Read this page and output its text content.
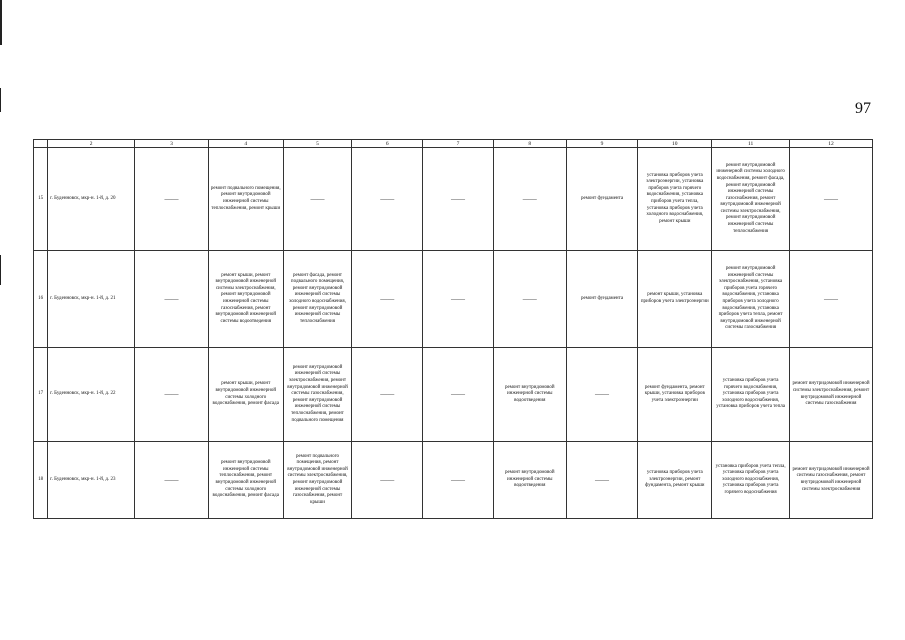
97
	2	3	4	5	6	7	8	9	10	11	12
15	г. Буденновск, мкр-н. 1-й, д. 20	——	ремонт подвального помещения, ремонт внутридомовой инженерной системы теплоснабжения, ремонт крыши	——	——	——	——	ремонт фундамента	установка приборов учета электроэнергии, установка приборов учета горячего водоснабжения, установка приборов учета тепла, установка приборов учета холодного водоснабжения, ремонт крыши	ремонт внутридомовой инженерной системы холодного водоснабжения, ремонт фасада, ремонт внутридомовой инженерной системы газоснабжения, ремонт внутридомовой инженерной системы электроснабжения, ремонт внутридомовой инженерной системы теплоснабжения	——
16	г. Буденновск, мкр-н. 1-й, д. 21	——	ремонт крыши, ремонт внутридомовой инженерной системы электроснабжения, ремонт внутридомовой инженерной системы газоснабжения, ремонт внутридомовой инженерной системы водоотведения	ремонт фасада, ремонт подвального помещения, ремонт внутридомовой инженерной системы холодного водоснабжения, ремонт внутридомовой инженерной системы теплоснабжения	——	——	——	ремонт фундамента	ремонт крыши, установка приборов учета электроэнергии	ремонт внутридомовой инженерной системы электроснабжения, установка приборов учета горячего водоснабжения, установка приборов учета холодного водоснабжения, установка приборов учета тепла, ремонт внутридомовой инженерной системы газоснабжения	——
17	г. Буденновск, мкр-н. 1-й, д. 22	——	ремонт крыши, ремонт внутридомовой инженерной системы холодного водоснабжения, ремонт фасада	ремонт внутридомовой инженерной системы электроснабжения, ремонт внутридомовой инженерной системы газоснабжения, ремонт внутридомовой инженерной системы теплоснабжения, ремонт подвального помещения	——	——	ремонт внутридомовой инженерной системы водоотведения	——	ремонт фундамента, ремонт крыши, установка приборов учета электроэнергии	установка приборов учета горячего водоснабжения, установка приборов учета холодного водоснабжения, установка приборов учета тепла	ремонт внутридомовой инженерной системы электроснабжения, ремонт внутридомовой инженерной системы газоснабжения
18	г. Буденновск, мкр-н. 1-й, д. 23	——	ремонт внутридомовой инженерной системы теплоснабжения, ремонт внутридомовой инженерной системы холодного водоснабжения, ремонт фасада	ремонт подвального помещения, ремонт внутридомовой инженерной системы электроснабжения, ремонт внутридомовой инженерной системы газоснабжения, ремонт крыши	——	——	ремонт внутридомовой инженерной системы водоотведения	——	установка приборов учета электроэнергии, ремонт фундамента, ремонт крыши	установка приборов учета тепла, установка приборов учета холодного водоснабжения, установка приборов учета горячего водоснабжения	ремонт внутридомовой инженерной системы газоснабжения, ремонт внутридомовой инженерной системы электроснабжения
